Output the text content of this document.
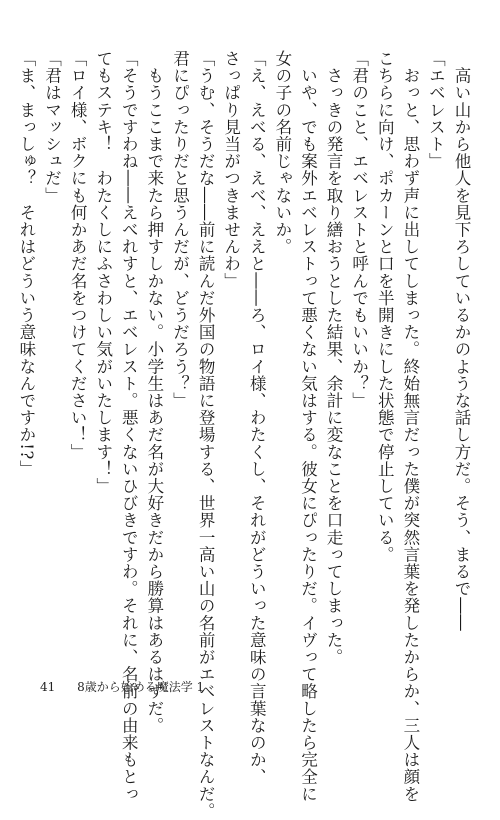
　高い山から他人を見下ろしているかのような話し方だ。そう、まるで――
「エベレスト」
　おっと、思わず声に出してしまった。終始無言だった僕が突然言葉を発したからか、三人は顔を
こちらに向け、ポカーンと口を半開きにした状態で停止している。
「君のこと、エベレストと呼んでもいいか？」
　さっきの発言を取り繕おうとした結果、余計に変なことを口走ってしまった。
　いや、でも案外エベレストって悪くない気はする。彼女にぴったりだ。イヴって略したら完全に
女の子の名前じゃないか。
「え、えべる、えべ、ええと――ろ、ロイ様、わたくし、それがどういった意味の言葉なのか、
さっぱり見当がつきませんわ」
「うむ、そうだな――前に読んだ外国の物語に登場する、世界一高い山の名前がエベレストなんだ。
君にぴったりだと思うんだが、どうだろう？」
　もうここまで来たら押すしかない。小学生はあだ名が大好きだから勝算はあるはずだ。
「そうですわね――えべれすと、エベレスト。悪くないひびきですわ。それに、名前の由来もとっ
てもステキ！　わたくしにふさわしい気がいたします！」
「ロイ様、ボクにも何かあだ名をつけてください！」
「君はマッシュだ」
「ま、まっしゅ？　それはどういう意味なんですか!?」
41 8歳から始める魔法学 1
